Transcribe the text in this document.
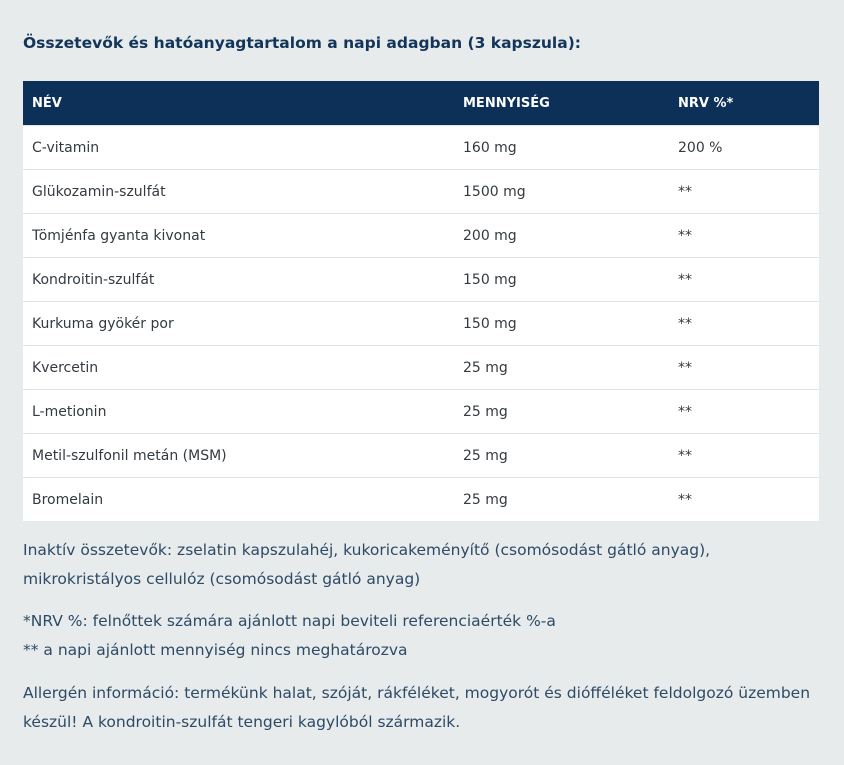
Összetevők és hatóanyagtartalom a napi adagban (3 kapszula):
NÉV	MENNYISÉG	NRV %*
C-vitamin	160 mg	200 %
Glükozamin-szulfát	1500 mg	**
Tömjénfa gyanta kivonat	200 mg	**
Kondroitin-szulfát	150 mg	**
Kurkuma gyökér por	150 mg	**
Kvercetin	25 mg	**
L-metionin	25 mg	**
Metil-szulfonil metán (MSM)	25 mg	**
Bromelain	25 mg	**
Inaktív összetevők: zselatin kapszulahéj, kukoricakeményítő (csomósodást gátló anyag),
mikrokristályos cellulóz (csomósodást gátló anyag)
*NRV %: felnőttek számára ajánlott napi beviteli referenciaérték %-a
** a napi ajánlott mennyiség nincs meghatározva
Allergén információ: termékünk halat, szóját, rákféléket, mogyorót és diófféléket feldolgozó üzemben
készül! A kondroitin-szulfát tengeri kagylóból származik.
